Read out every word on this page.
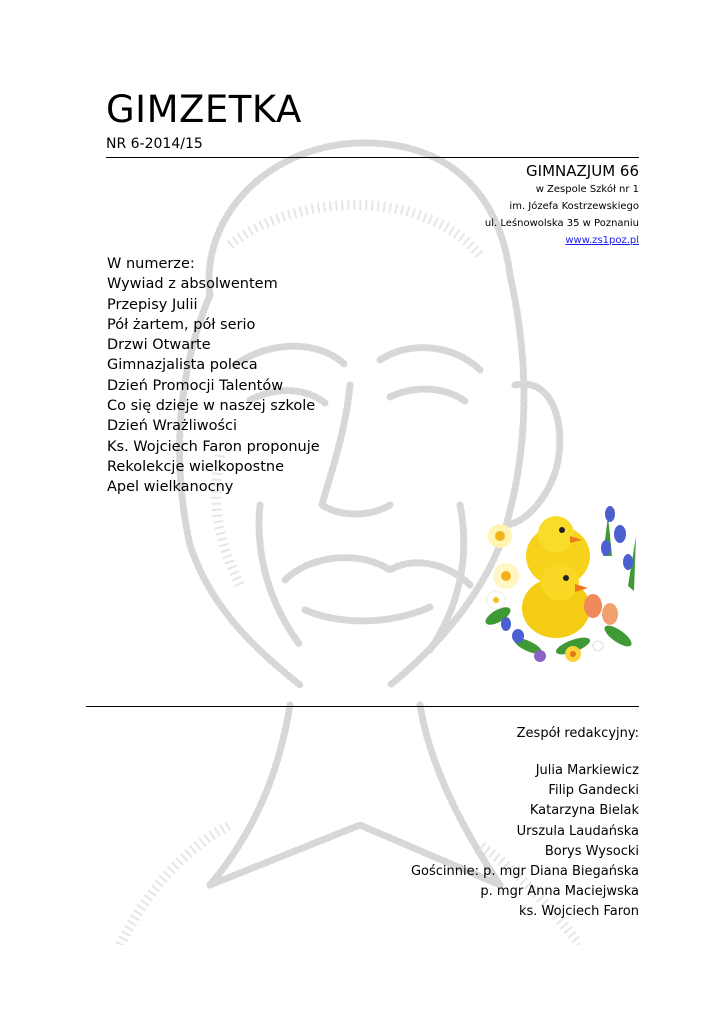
GIMZETKA
NR 6-2014/15
GIMNAZJUM 66
w Zespole Szkół nr 1
im. Józefa Kostrzewskiego
ul. Leśnowolska 35 w Poznaniu
www.zs1poz.pl
W numerze:
Wywiad z absolwentem
Przepisy Julii
Pół żartem, pół serio
Drzwi Otwarte
Gimnazjalista poleca
Dzień Promocji Talentów
Co się dzieje w naszej szkole
Dzień Wrażliwości
Ks. Wojciech Faron proponuje
Rekolekcje wielkopostne
Apel wielkanocny
Zespół redakcyjny:
Julia Markiewicz
Filip Gandecki
Katarzyna Bielak
Urszula Laudańska
Borys Wysocki
Gościnnie: p. mgr Diana Biegańska
p. mgr Anna Maciejwska
ks. Wojciech Faron
